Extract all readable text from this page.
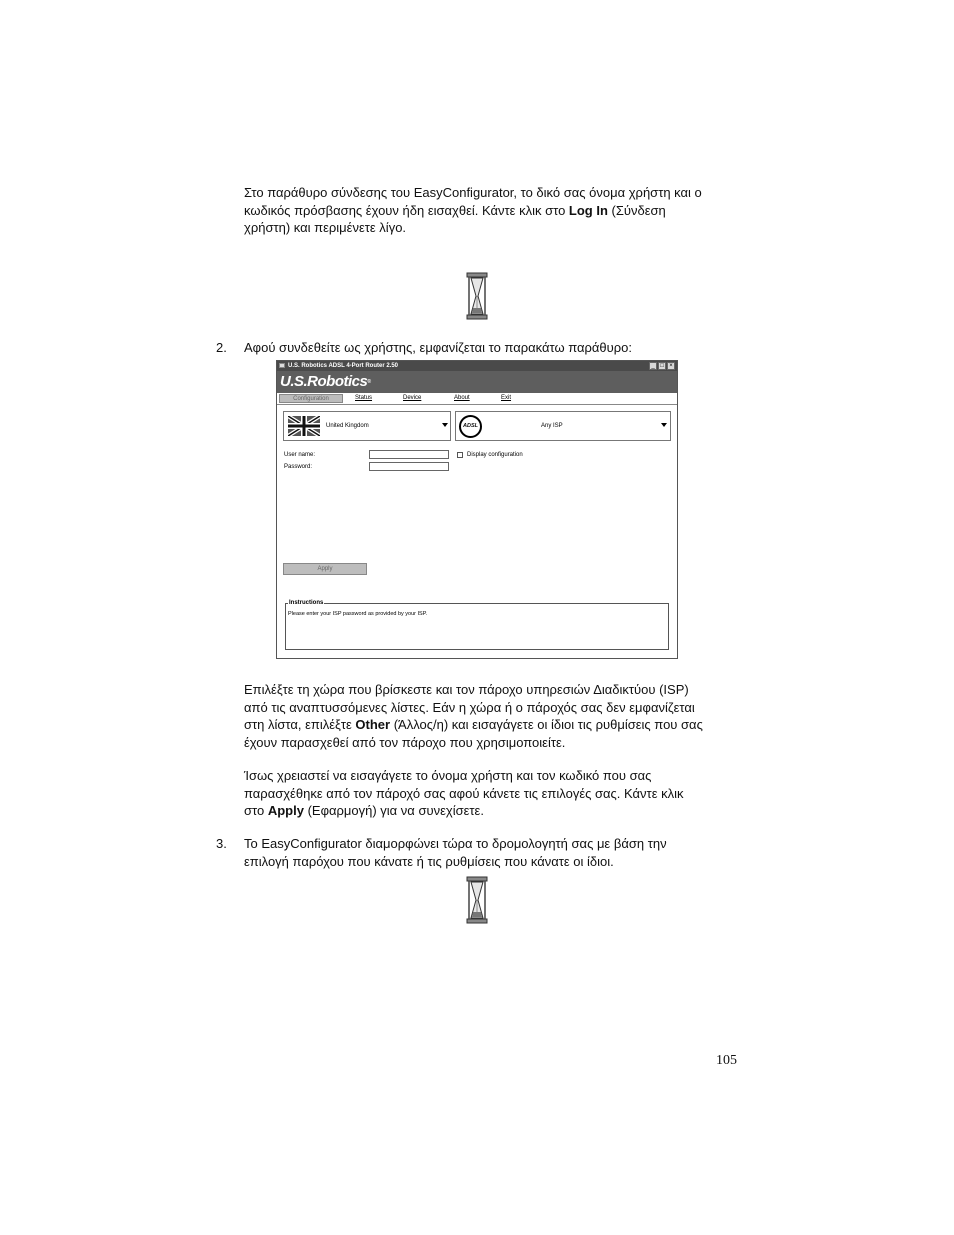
Στο παράθυρο σύνδεσης του EasyConfigurator, το δικό σας όνομα χρήστη και ο
κωδικός πρόσβασης έχουν ήδη εισαχθεί. Κάντε κλικ στο Log In (Σύνδεση
χρήστη) και περιμένετε λίγο.

2. Αφού συνδεθείτε ως χρήστης, εμφανίζεται το παρακάτω παράθυρο:

U.S. Robotics ADSL 4-Port Router 2.50	_ □ ×
U.S.Robotics®
Configuration	Status	Device	About	Exit
United Kingdom	ADSL	Any ISP
User name:
Password:
Display configuration
Apply
Instructions
Please enter your ISP password as provided by your ISP.

Επιλέξτε τη χώρα που βρίσκεστε και τον πάροχο υπηρεσιών Διαδικτύου (ISP)
από τις αναπτυσσόμενες λίστες. Εάν η χώρα ή ο πάροχός σας δεν εμφανίζεται
στη λίστα, επιλέξτε Other (Άλλος/η) και εισαγάγετε οι ίδιοι τις ρυθμίσεις που σας
έχουν παρασχεθεί από τον πάροχο που χρησιμοποιείτε.

Ίσως χρειαστεί να εισαγάγετε το όνομα χρήστη και τον κωδικό που σας
παρασχέθηκε από τον πάροχό σας αφού κάνετε τις επιλογές σας. Κάντε κλικ
στο Apply (Εφαρμογή) για να συνεχίσετε.

3. Το EasyConfigurator διαμορφώνει τώρα το δρομολογητή σας με βάση την
επιλογή παρόχου που κάνατε ή τις ρυθμίσεις που κάνατε οι ίδιοι.

105
